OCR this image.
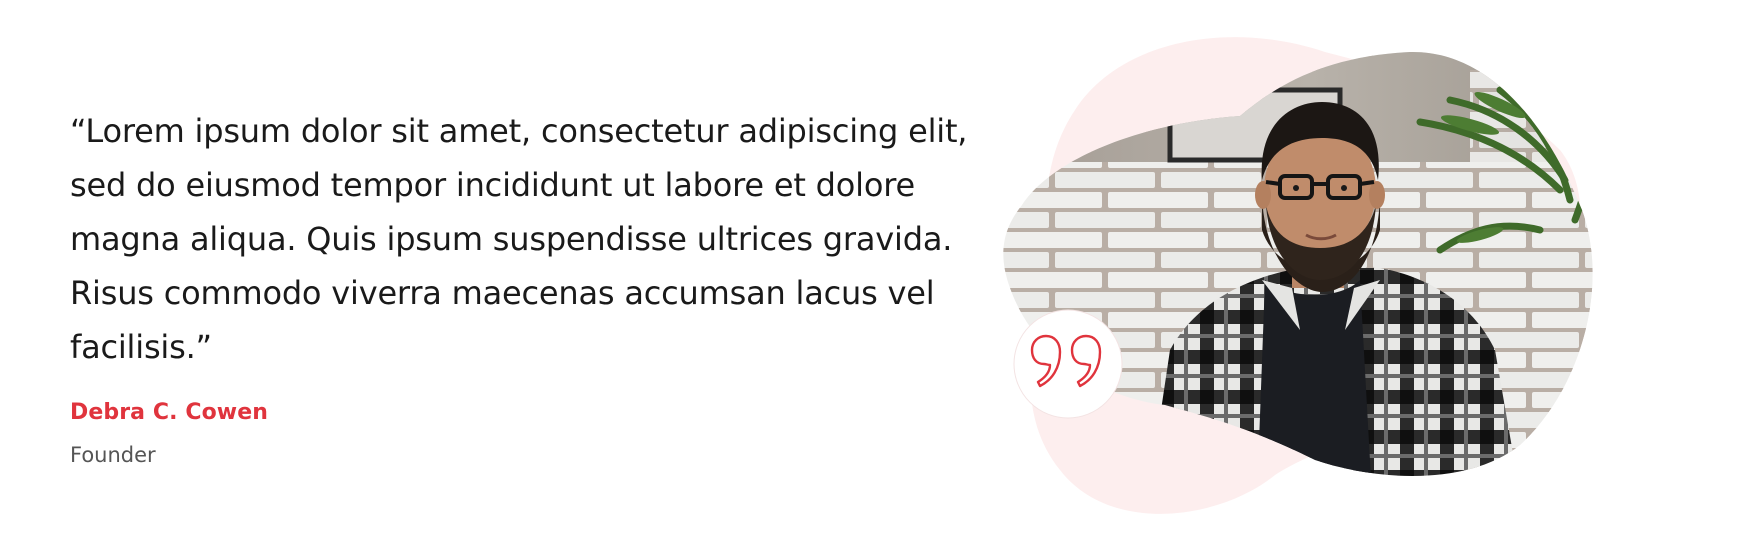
“Lorem ipsum dolor sit amet, consectetur adipiscing elit, sed do eiusmod tempor incididunt ut labore et dolore magna aliqua. Quis ipsum suspendisse ultrices gravida. Risus commodo viverra maecenas accumsan lacus vel facilisis.”

Debra C. Cowen
Founder
